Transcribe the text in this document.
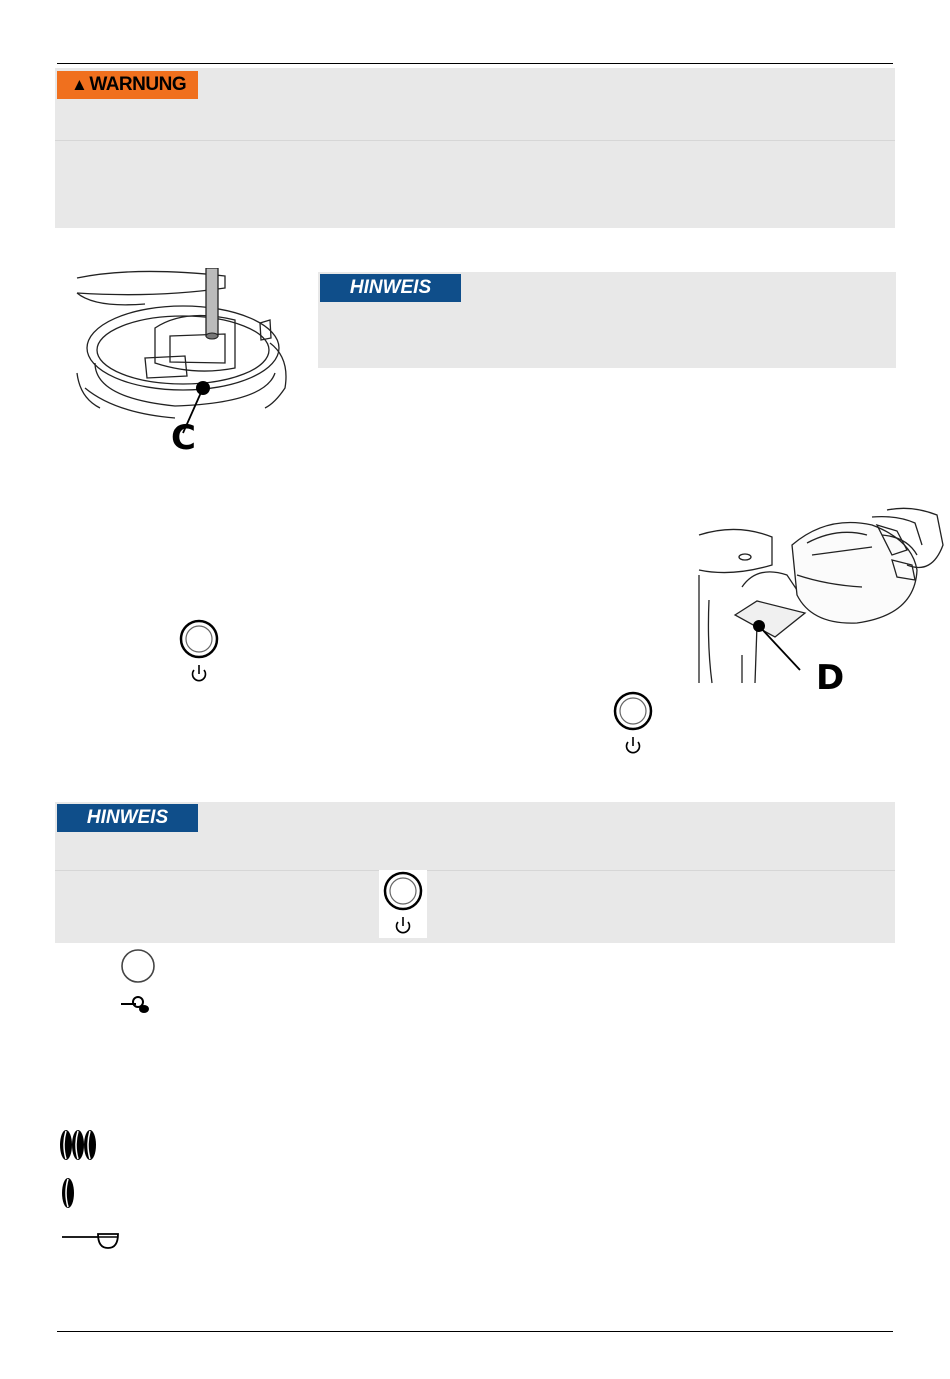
▲ WARNUNG
C
HINWEIS
D
HINWEIS
